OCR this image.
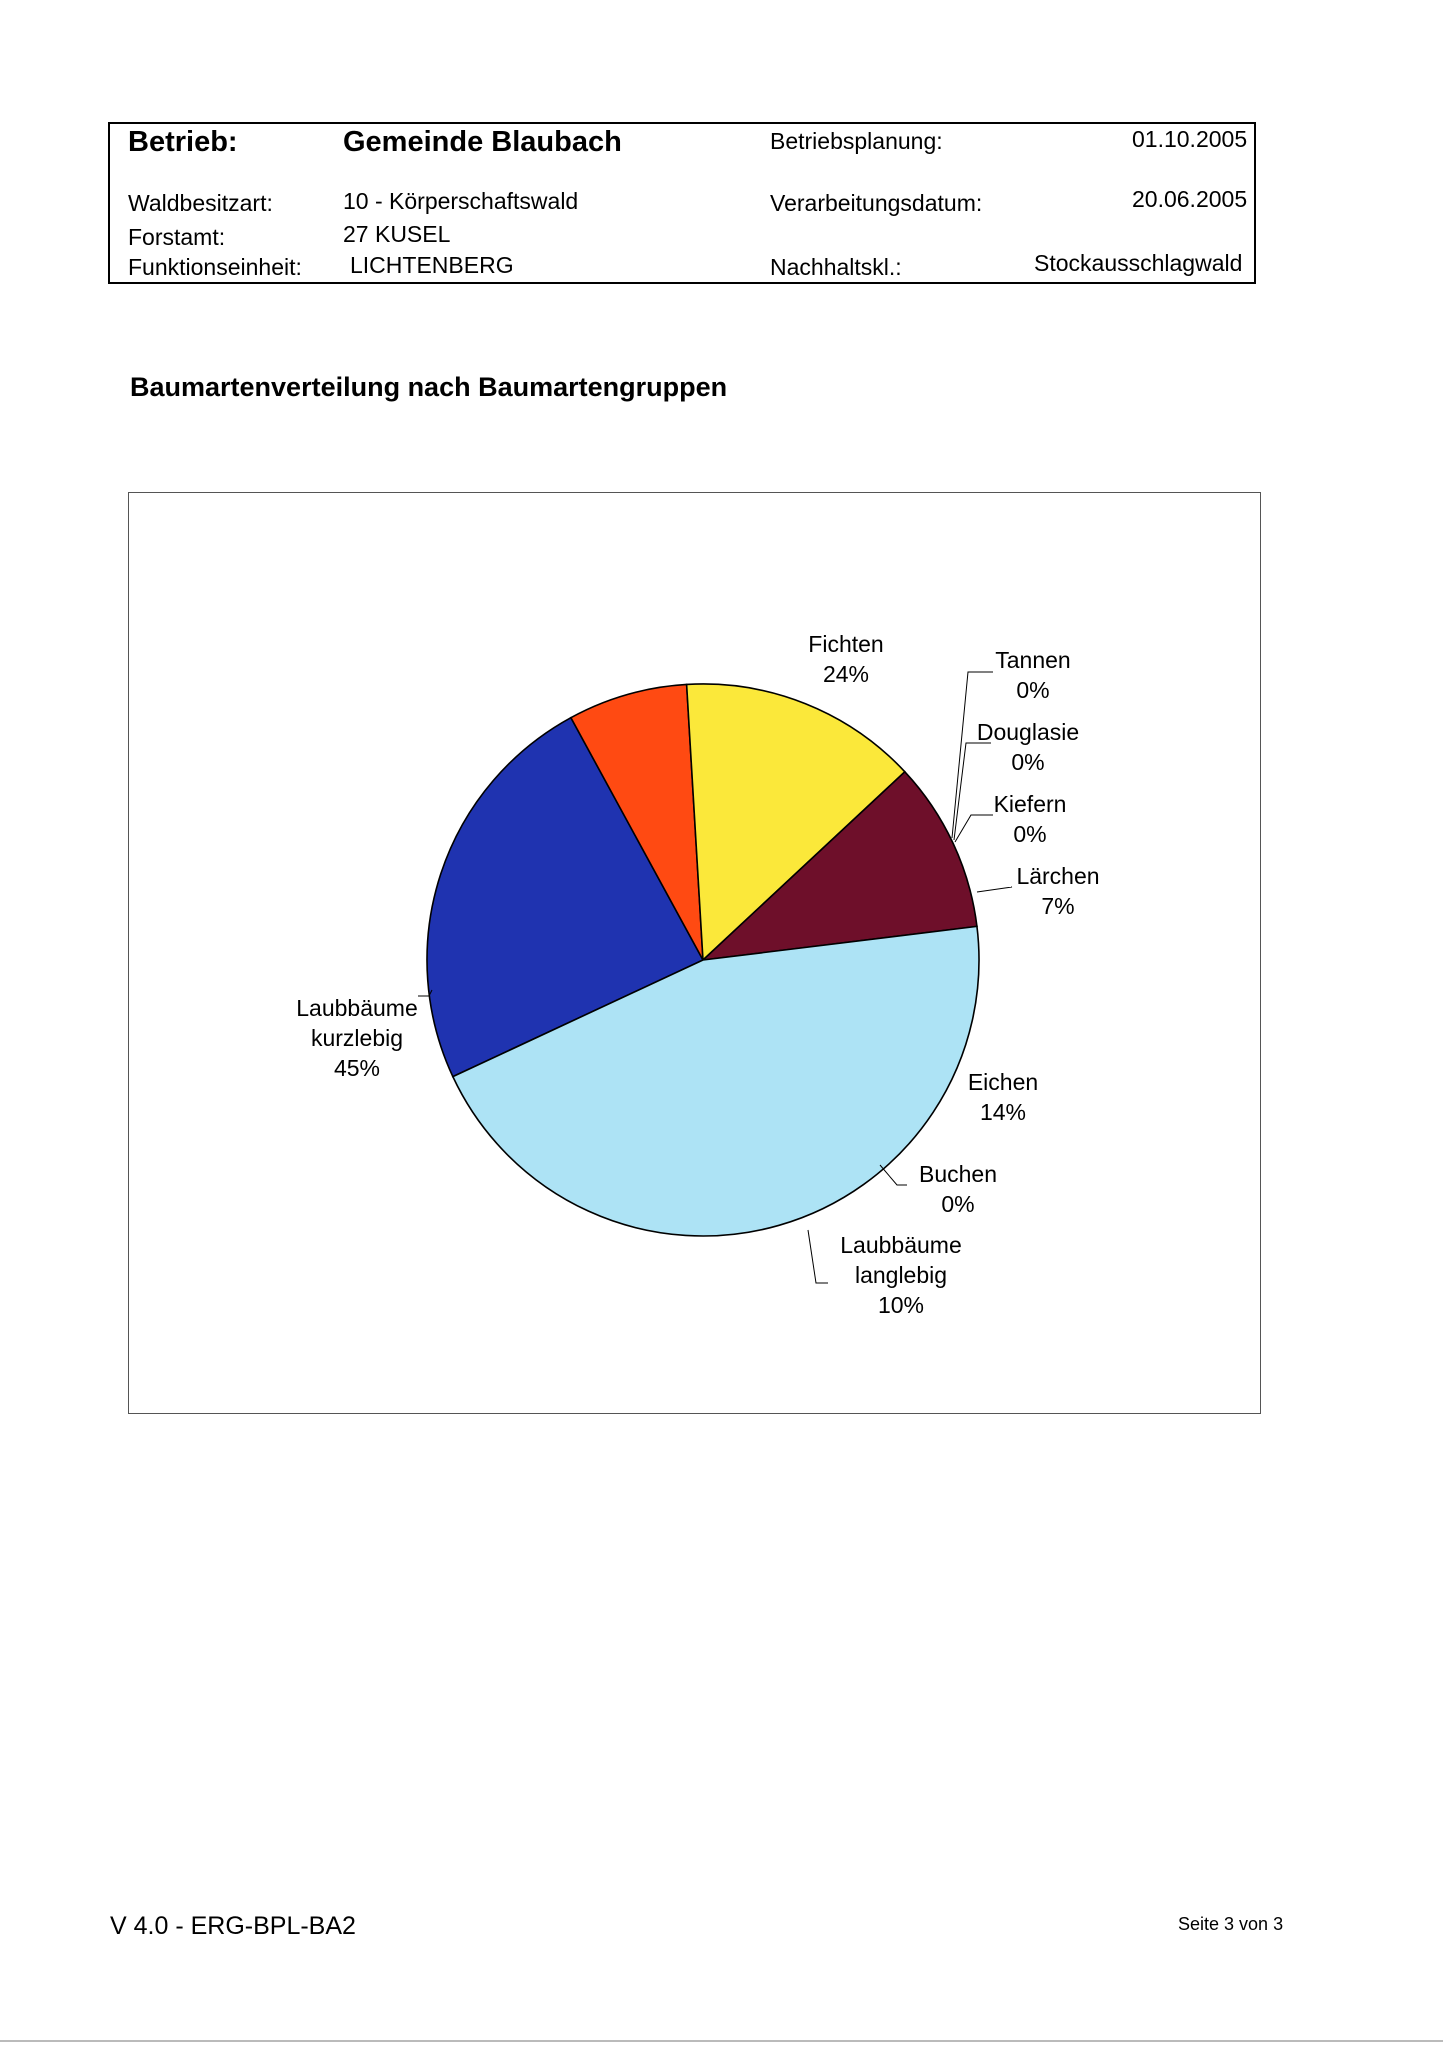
Betrieb:	Gemeinde Blaubach	Betriebsplanung:	01.10.2005
Waldbesitzart:	10 - Körperschaftswald	Verarbeitungsdatum:	20.06.2005
Forstamt:	27 KUSEL
Funktionseinheit: LICHTENBERG	Nachhaltskl.:	Stockausschlagwald
Baumartenverteilung nach Baumartengruppen
Fichten 24%
Tannen 0%
Douglasie 0%
Kiefern 0%
Lärchen 7%
Eichen 14%
Buchen 0%
Laubbäume langlebig 10%
Laubbäume kurzlebig 45%
V 4.0 - ERG-BPL-BA2	Seite 3 von 3
